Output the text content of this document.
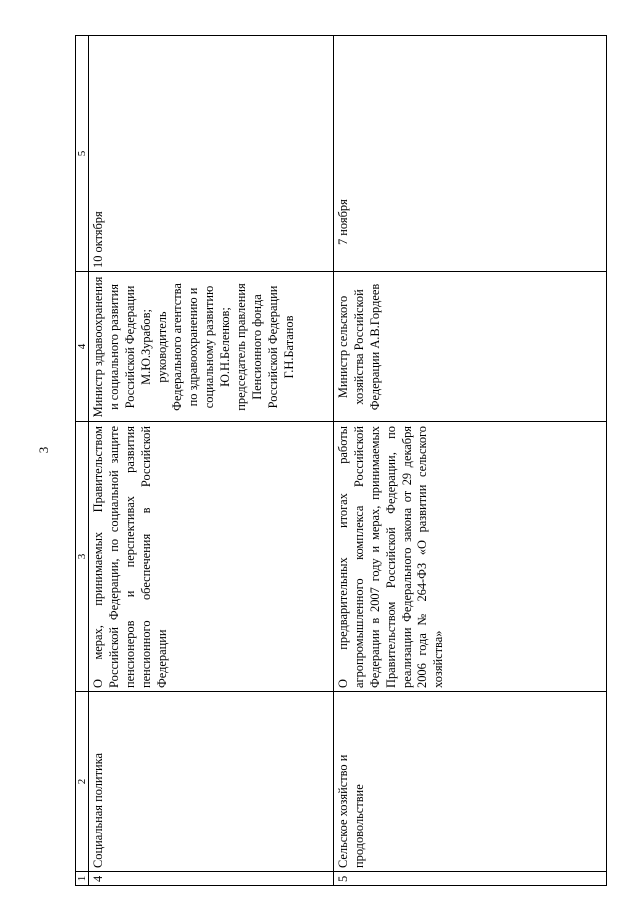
3
1	2	3	4	5
4	Социальная политика	О мерах, принимаемых Правительством Российской Федерации, по социальной защите пенсионеров и перспективах развития пенсионного обеспечения в Российской Федерации	Министр здравоохранения и социального развития Российской Федерации М.Ю.Зурабов; руководитель Федерального агентства по здравоохранению и социальному развитию Ю.Н.Беленков; председатель правления Пенсионного фонда Российской Федерации Г.Н.Батанов	10 октября
5	Сельское хозяйство и продовольствие	О предварительных итогах работы агропромышленного комплекса Российской Федерации в 2007 году и мерах, принимаемых Правительством Российской Федерации, по реализации Федерального закона от 29 декабря 2006 года № 264-ФЗ «О развитии сельского хозяйства»	Министр сельского хозяйства Российской Федерации А.В.Гордеев	7 ноября
